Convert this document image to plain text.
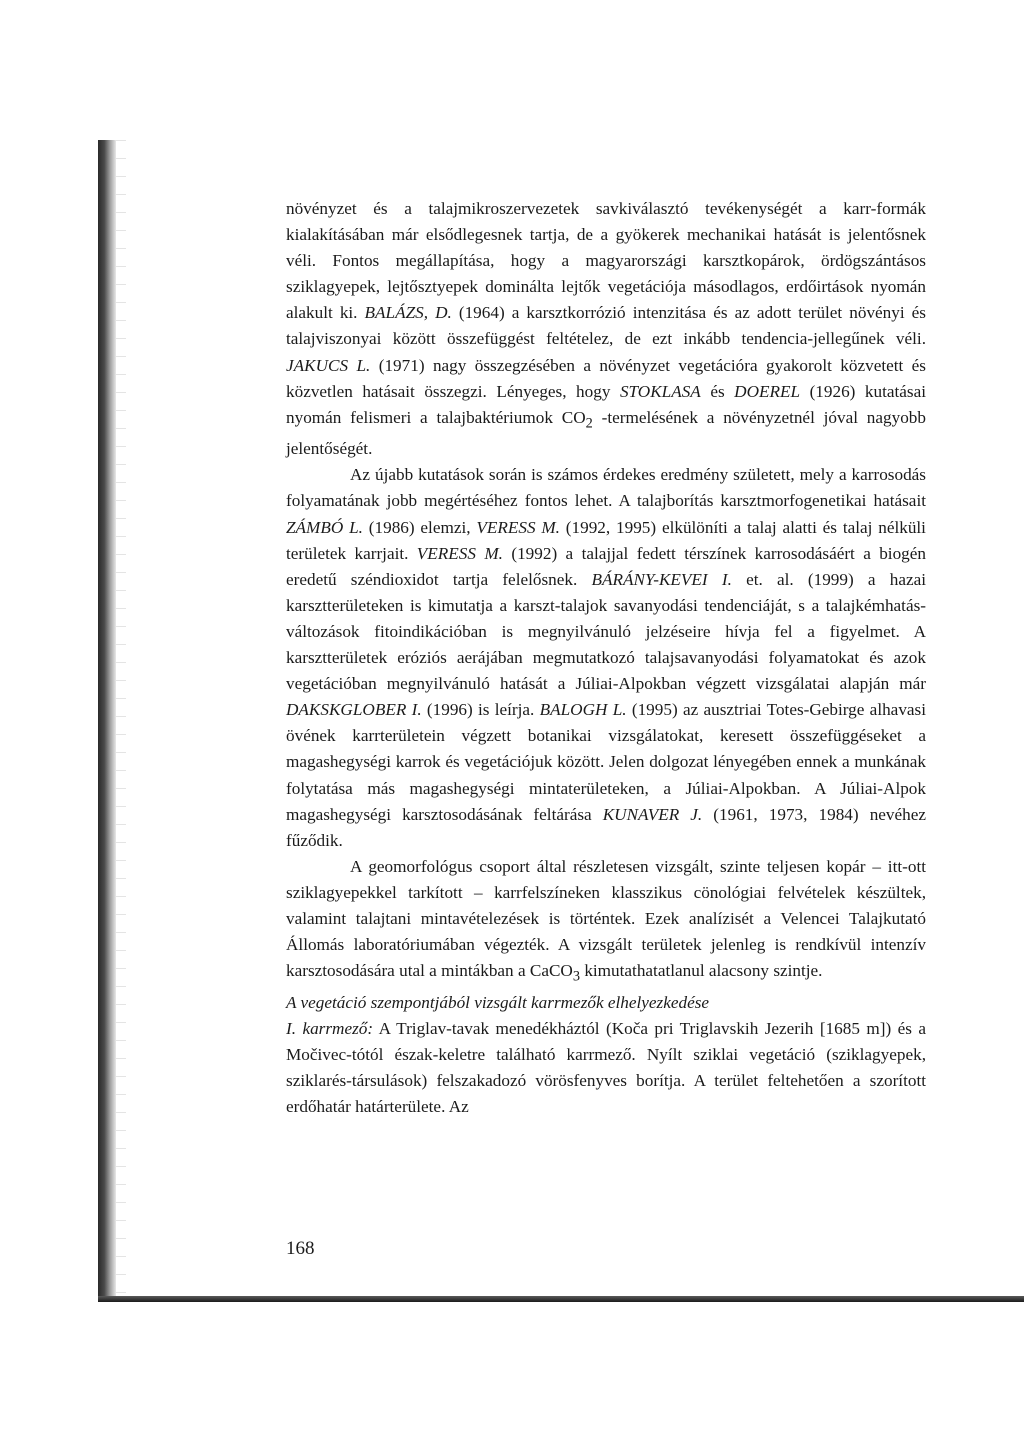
növényzet és a talajmikroszervezetek savkiválasztó tevékenységét a karr-formák kialakításában már elsődlegesnek tartja, de a gyökerek mechanikai hatását is jelentősnek véli. Fontos megállapítása, hogy a magyarországi karsztkopárok, ördögszántásos sziklagyepek, lejtősztyepek dominálta lejtők vegetációja másodlagos, erdőirtások nyomán alakult ki. BALÁZS, D. (1964) a karsztkorrózió intenzitása és az adott terület növényi és talajviszonyai között összefüggést feltételez, de ezt inkább tendencia-jellegűnek véli. JAKUCS L. (1971) nagy összegzésében a növényzet vegetációra gyakorolt közvetett és közvetlen hatásait összegzi. Lényeges, hogy STOKLASA és DOEREL (1926) kutatásai nyomán felismeri a talajbaktériumok $CO_2$ -termelésének a növényzetnél jóval nagyobb jelentőségét.

Az újabb kutatások során is számos érdekes eredmény született, mely a karrosodás folyamatának jobb megértéséhez fontos lehet. A talajborítás karsztmorfogenetikai hatásait ZÁMBÓ L. (1986) elemzi, VERESS M. (1992, 1995) elkülöníti a talaj alatti és talaj nélküli területek karrjait. VERESS M. (1992) a talajjal fedett térszínek karrosodásáért a biogén eredetű széndioxidot tartja felelősnek. BÁRÁNY-KEVEI I. et. al. (1999) a hazai karsztterületeken is kimutatja a karszt-talajok savanyodási tendenciáját, s a talajkémhatás-változások fitoindikációban is megnyilvánuló jelzéseire hívja fel a figyelmet. A karsztterületek eróziós aerájában megmutatkozó talajsavanyodási folyamatokat és azok vegetációban megnyilvánuló hatását a Júliai-Alpokban végzett vizsgálatai alapján már DAKSKGLOBER I. (1996) is leírja. BALOGH L. (1995) az ausztriai Totes-Gebirge alhavasi övének karrterületein végzett botanikai vizsgálatokat, keresett összefüggéseket a magashegységi karrok és vegetációjuk között. Jelen dolgozat lényegében ennek a munkának folytatása más magashegységi mintaterületeken, a Júliai-Alpokban. A Júliai-Alpok magashegységi karsztosodásának feltárása KUNAVER J. (1961, 1973, 1984) nevéhez fűződik.

A geomorfológus csoport által részletesen vizsgált, szinte teljesen kopár – itt-ott sziklagyepekkel tarkított – karrfelszíneken klasszikus cönológiai felvételek készültek, valamint talajtani mintavételezések is történtek. Ezek analízisét a Velencei Talajkutató Állomás laboratóriumában végezték. A vizsgált területek jelenleg is rendkívül intenzív karsztosodására utal a mintákban a CaCO$_3$ kimutathatatlanul alacsony szintje.

A vegetáció szempontjából vizsgált karrmezők elhelyezkedése

I. karrmező: A Triglav-tavak menedékháztól (Koča pri Triglavskih Jezerih [1685 m]) és a Močivec-tótól észak-keletre található karrmező. Nyílt sziklai vegetáció (sziklagyepek, sziklarés-társulások) felszakadozó vörösfenyves borítja. A terület feltehetően a szorított erdőhatár határterülete. Az

168
